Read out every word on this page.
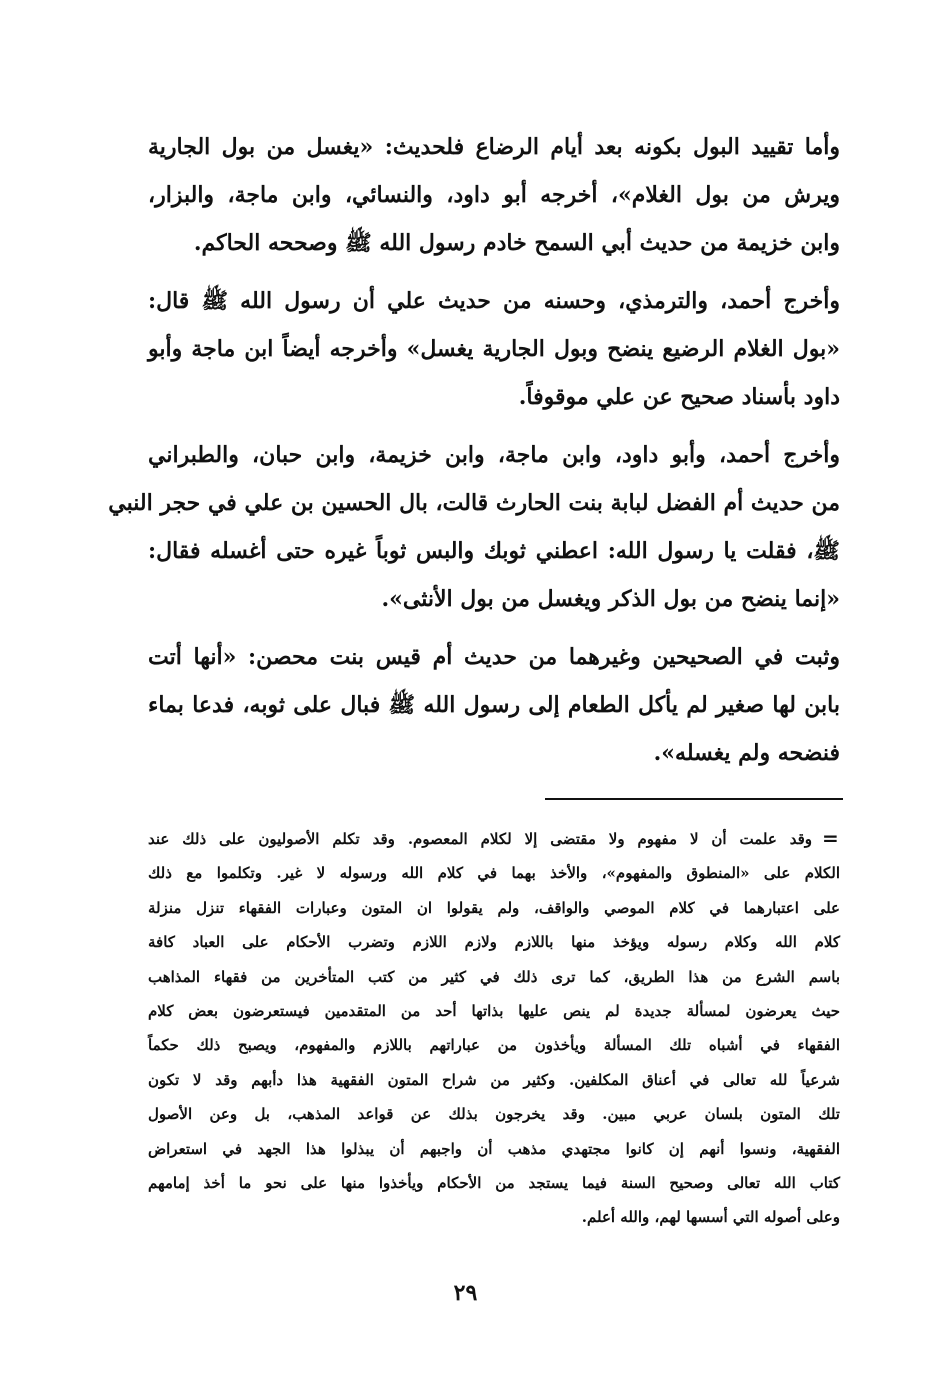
وأما تقييد البول بكونه بعد أيام الرضاع فلحديث: «يغسل من بول الجارية
ويرش من بول الغلام»، أخرجه أبو داود، والنسائي، وابن ماجة، والبزار،
وابن خزيمة من حديث أبي السمح خادم رسول الله ﷺ وصححه الحاكم.
وأخرج أحمد، والترمذي، وحسنه من حديث علي أن رسول الله ﷺ قال:
«بول الغلام الرضيع ينضح وبول الجارية يغسل» وأخرجه أيضاً ابن ماجة وأبو
داود بأسناد صحيح عن علي موقوفاً.
وأخرج أحمد، وأبو داود، وابن ماجة، وابن خزيمة، وابن حبان، والطبراني
من حديث أم الفضل لبابة بنت الحارث قالت، بال الحسين بن علي في حجر النبي
ﷺ، فقلت يا رسول الله: اعطني ثوبك والبس ثوباً غيره حتى أغسله فقال:
«إنما ينضح من بول الذكر ويغسل من بول الأنثى».
وثبت في الصحيحين وغيرهما من حديث أم قيس بنت محصن: «أنها أتت
بابن لها صغير لم يأكل الطعام إلى رسول الله ﷺ فبال على ثوبه، فدعا بماء
فنضحه ولم يغسله».
=
وقد علمت أن لا مفهوم ولا مقتضى إلا لكلام المعصوم. وقد تكلم الأصوليون على ذلك عند
الكلام على «المنطوق والمفهوم»، والأخذ بهما في كلام الله ورسوله لا غير. وتكلموا مع ذلك
على اعتبارهما في كلام الموصي والواقف، ولم يقولوا ان المتون وعبارات الفقهاء تنزل منزلة
كلام الله وكلام رسوله ويؤخذ منها باللازم ولازم اللازم وتضرب الأحكام على العباد كافة
باسم الشرع من هذا الطريق، كما ترى ذلك في كثير من كتب المتأخرين من فقهاء المذاهب
حيث يعرضون لمسألة جديدة لم ينص عليها بذاتها أحد من المتقدمين فيستعرضون بعض كلام
الفقهاء في أشباه تلك المسألة ويأخذون من عباراتهم باللازم والمفهوم، ويصبح ذلك حكماً
شرعياً لله تعالى في أعناق المكلفين. وكثير من شراح المتون الفقهية هذا دأبهم وقد لا تكون
تلك المتون بلسان عربي مبين. وقد يخرجون بذلك عن قواعد المذهب، بل وعن الأصول
الفقهية، ونسوا أنهم إن كانوا مجتهدي مذهب أن واجبهم أن يبذلوا هذا الجهد في استعراض
كتاب الله تعالى وصحيح السنة فيما يستجد من الأحكام ويأخذوا منها على نحو ما أخذ إمامهم
وعلى أصوله التي أسسها لهم، والله أعلم.
٢٩
